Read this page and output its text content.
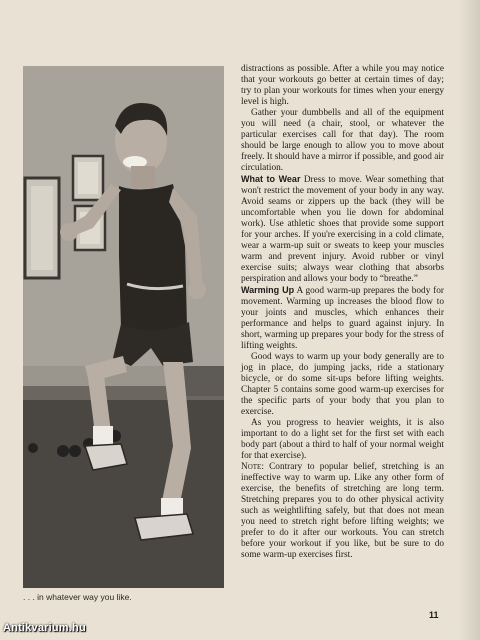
. . . in whatever way you like.

distractions as possible. After a while you may notice that your workouts go better at certain times of day; try to plan your workouts for times when your energy level is high.

Gather your dumbbells and all of the equipment you will need (a chair, stool, or whatever the particular exercises call for that day). The room should be large enough to allow you to move about freely. It should have a mirror if possible, and good air circulation.

What to Wear Dress to move. Wear something that won't restrict the movement of your body in any way. Avoid seams or zippers up the back (they will be uncomfortable when you lie down for abdominal work). Use athletic shoes that provide some support for your arches. If you're exercising in a cold climate, wear a warm-up suit or sweats to keep your muscles warm and prevent injury. Avoid rubber or vinyl exercise suits; always wear clothing that absorbs perspiration and allows your body to “breathe.”

Warming Up A good warm-up prepares the body for movement. Warming up increases the blood flow to your joints and muscles, which enhances their performance and helps to guard against injury. In short, warming up prepares your body for the stress of lifting weights.

Good ways to warm up your body generally are to jog in place, do jumping jacks, ride a stationary bicycle, or do some sit-ups before lifting weights. Chapter 5 contains some good warm-up exercises for the specific parts of your body that you plan to exercise.

As you progress to heavier weights, it is also important to do a light set for the first set with each body part (about a third to half of your normal weight for that exercise).

Note: Contrary to popular belief, stretching is an ineffective way to warm up. Like any other form of exercise, the benefits of stretching are long term. Stretching prepares you to do other physical activity such as weightlifting safely, but that does not mean you need to stretch right before lifting weights; we prefer to do it after our workouts. You can stretch before your workout if you like, but be sure to do some warm-up exercises first.

11
Antikvarium.hu
